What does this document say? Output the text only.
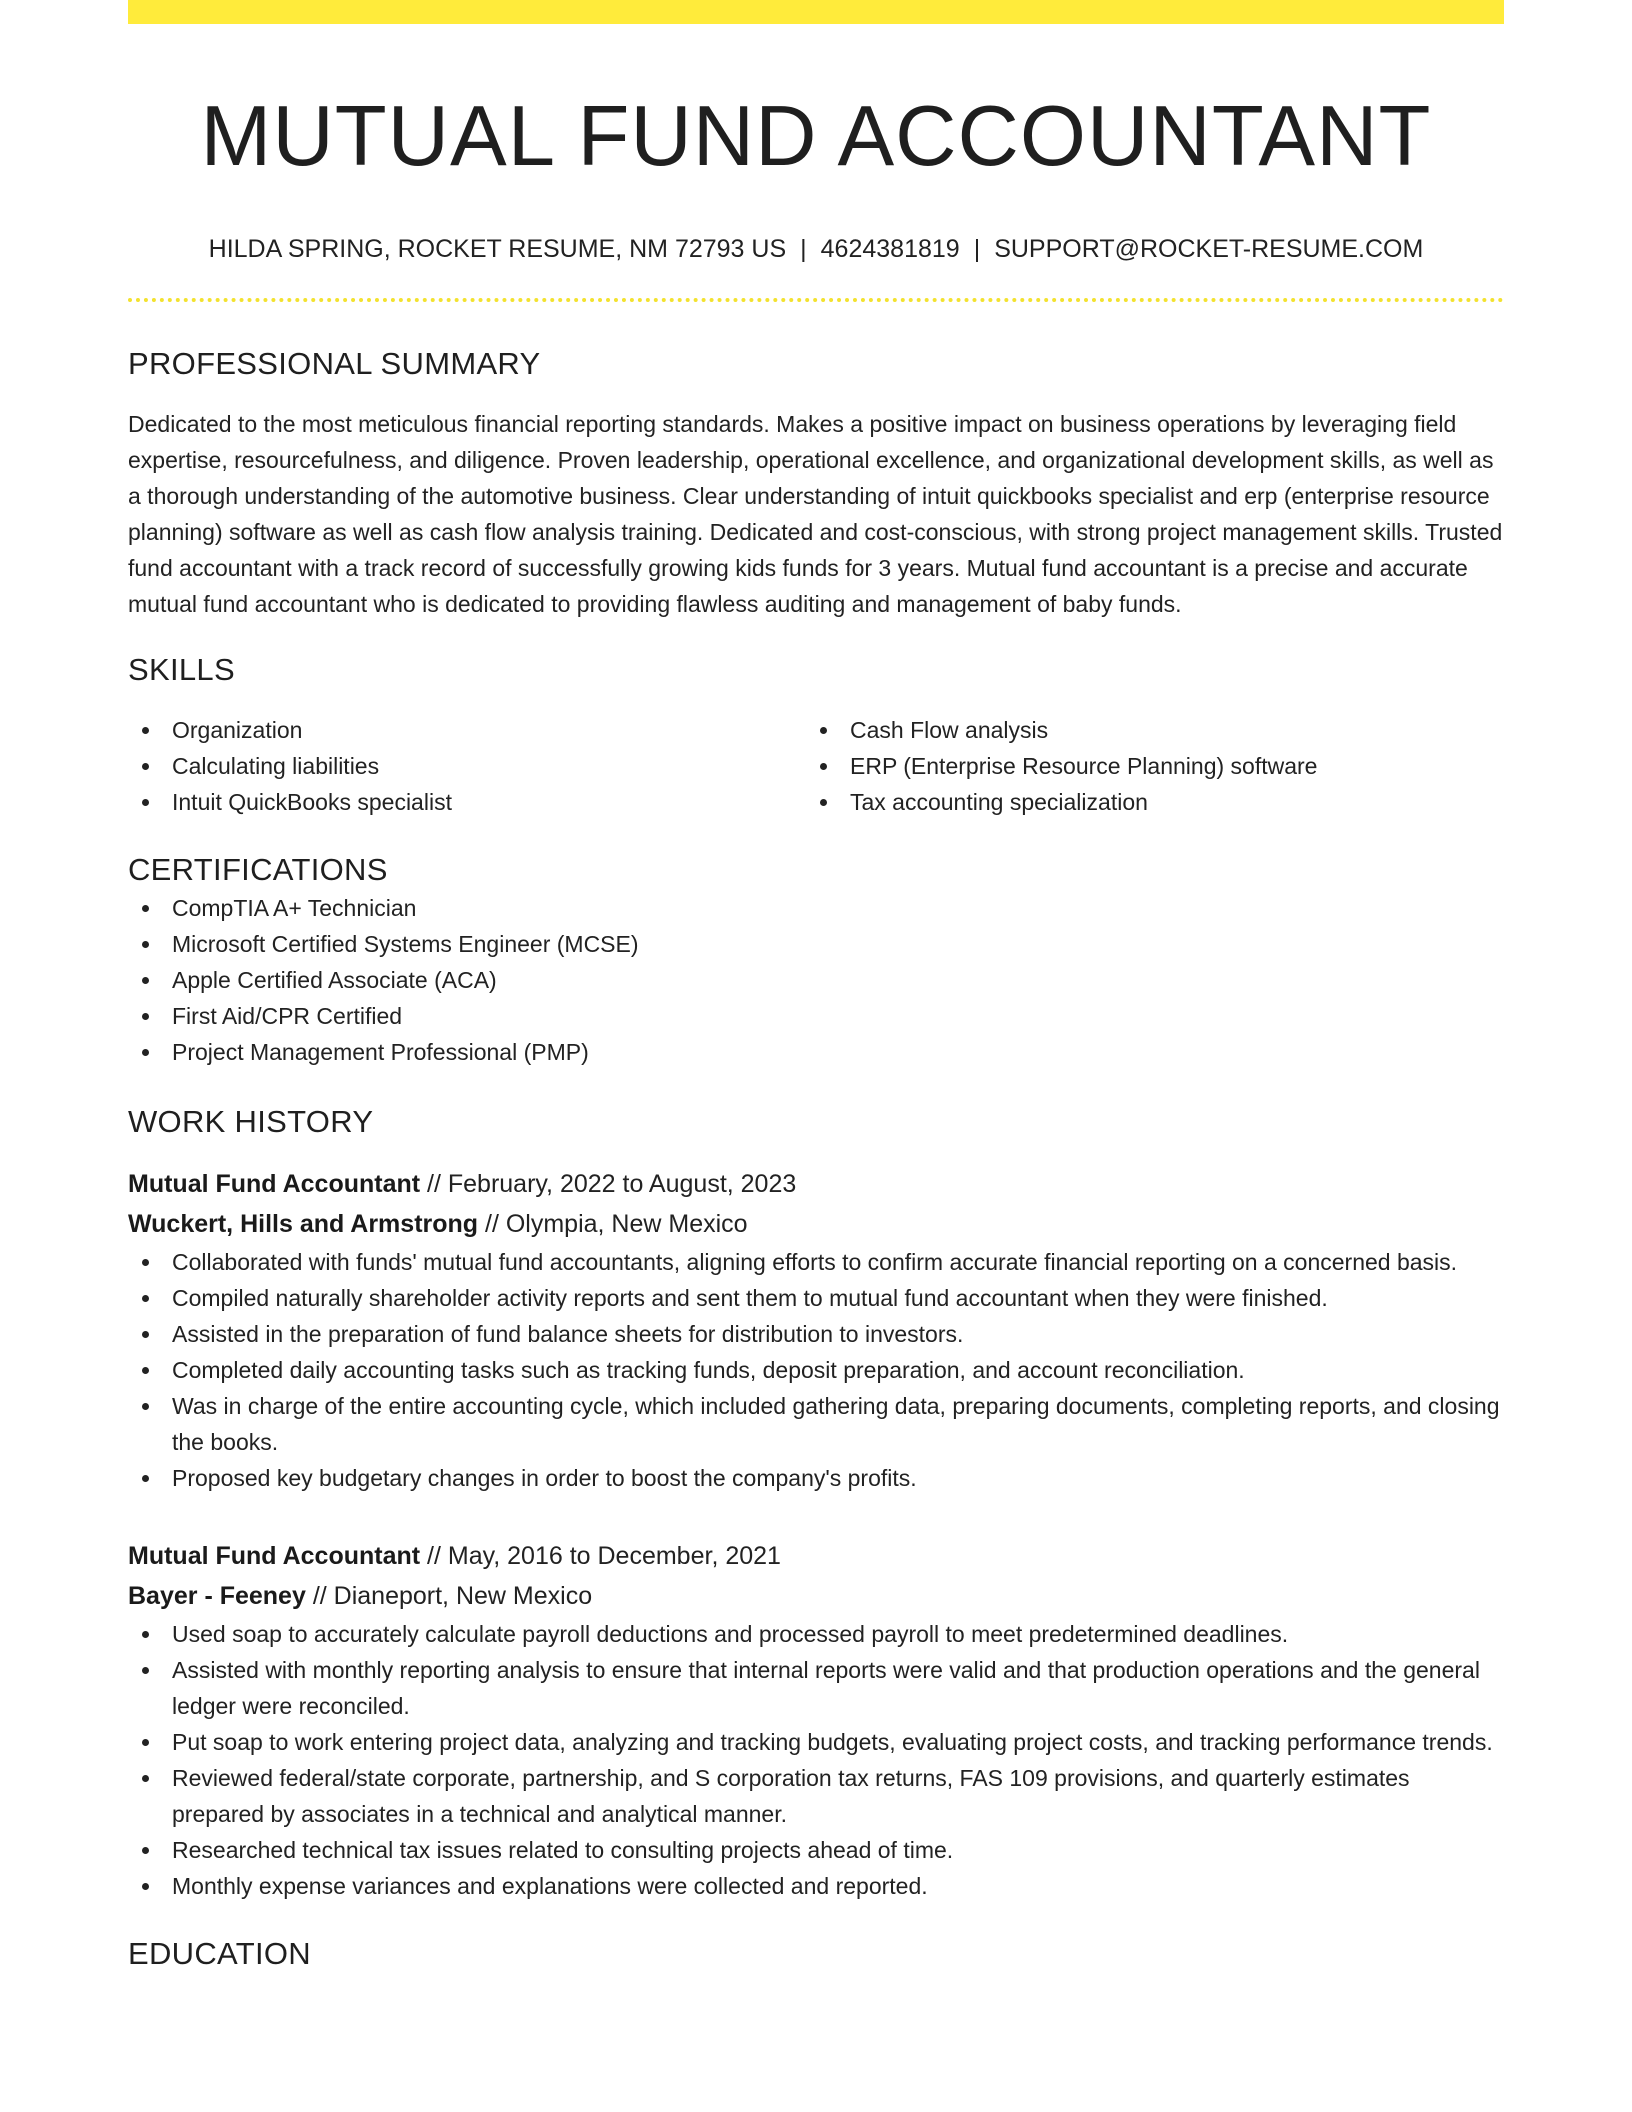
MUTUAL FUND ACCOUNTANT
HILDA SPRING, ROCKET RESUME, NM 72793 US | 4624381819 | SUPPORT@ROCKET-RESUME.COM
PROFESSIONAL SUMMARY

Dedicated to the most meticulous financial reporting standards. Makes a positive impact on business operations by leveraging field expertise, resourcefulness, and diligence. Proven leadership, operational excellence, and organizational development skills, as well as a thorough understanding of the automotive business. Clear understanding of intuit quickbooks specialist and erp (enterprise resource planning) software as well as cash flow analysis training. Dedicated and cost-conscious, with strong project management skills. Trusted fund accountant with a track record of successfully growing kids funds for 3 years. Mutual fund accountant is a precise and accurate mutual fund accountant who is dedicated to providing flawless auditing and management of baby funds.

SKILLS
Organization
Calculating liabilities
Intuit QuickBooks specialist
Cash Flow analysis
ERP (Enterprise Resource Planning) software
Tax accounting specialization
CERTIFICATIONS
CompTIA A+ Technician
Microsoft Certified Systems Engineer (MCSE)
Apple Certified Associate (ACA)
First Aid/CPR Certified
Project Management Professional (PMP)
WORK HISTORY
Mutual Fund Accountant // February, 2022 to August, 2023
Wuckert, Hills and Armstrong // Olympia, New Mexico
Collaborated with funds' mutual fund accountants, aligning efforts to confirm accurate financial reporting on a concerned basis.
Compiled naturally shareholder activity reports and sent them to mutual fund accountant when they were finished.
Assisted in the preparation of fund balance sheets for distribution to investors.
Completed daily accounting tasks such as tracking funds, deposit preparation, and account reconciliation.
Was in charge of the entire accounting cycle, which included gathering data, preparing documents, completing reports, and closing the books.
Proposed key budgetary changes in order to boost the company's profits.
Mutual Fund Accountant // May, 2016 to December, 2021
Bayer - Feeney // Dianeport, New Mexico
Used soap to accurately calculate payroll deductions and processed payroll to meet predetermined deadlines.
Assisted with monthly reporting analysis to ensure that internal reports were valid and that production operations and the general ledger were reconciled.
Put soap to work entering project data, analyzing and tracking budgets, evaluating project costs, and tracking performance trends.
Reviewed federal/state corporate, partnership, and S corporation tax returns, FAS 109 provisions, and quarterly estimates prepared by associates in a technical and analytical manner.
Researched technical tax issues related to consulting projects ahead of time.
Monthly expense variances and explanations were collected and reported.
EDUCATION
